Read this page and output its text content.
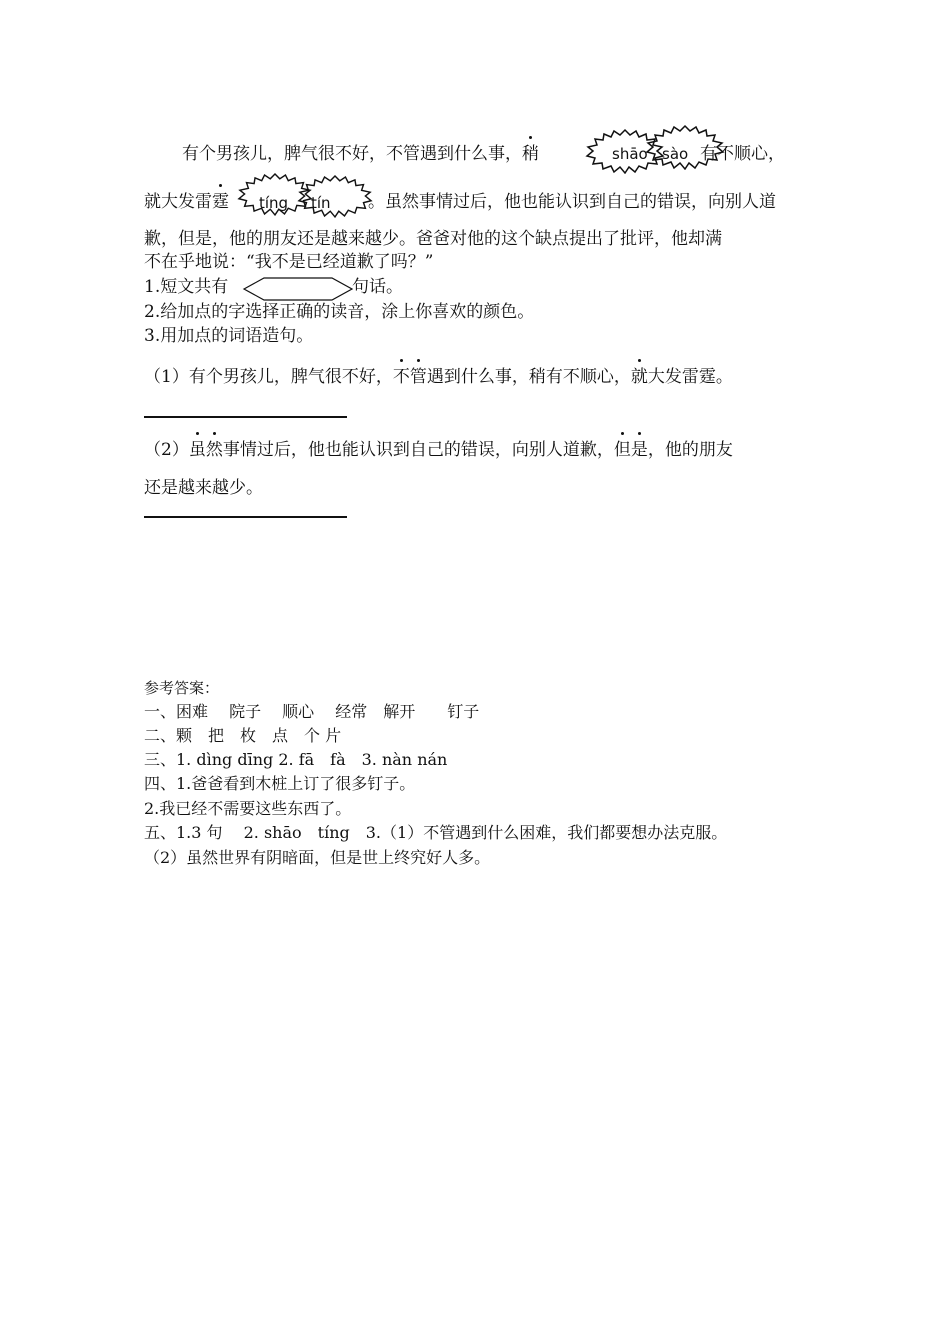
有个男孩儿，脾气很不好，不管遇到什么事，稍	shāo sào 有不顺心，
就大发雷霆 tíng tín 。虽然事情过后，他也能认识到自己的错误，向别人道
歉，但是，他的朋友还是越来越少。爸爸对他的这个缺点提出了批评，他却满
不在乎地说：“我不是已经道歉了吗？”
1.短文共有	句话。
2.给加点的字选择正确的读音，涂上你喜欢的颜色。
3.用加点的词语造句。
（1）有个男孩儿，脾气很不好，不管遇到什么事，稍有不顺心，就大发雷霆。
（2）虽然事情过后，他也能认识到自己的错误，向别人道歉，但是，他的朋友
还是越来越少。
参考答案：
一、困难　 院子　 顺心　 经常　解开　　钉子
二、颗　把　枚　点　个 片
三、1. dìng dīng 2. fā　fà　3. nàn nán
四、1.爸爸看到木桩上订了很多钉子。
2.我已经不需要这些东西了。
五、1.3 句　 2. shāo　tíng　3.（1）不管遇到什么困难，我们都要想办法克服。
（2）虽然世界有阴暗面，但是世上终究好人多。
